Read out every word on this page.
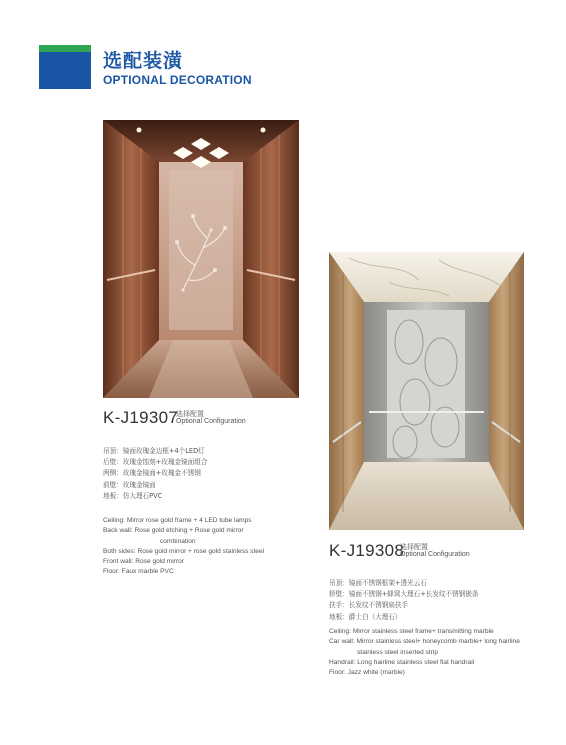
选配装潢
OPTIONAL DECORATION
K-J19307
选择配置
Optional Configuration
吊顶：镜面玫瑰金边框+4个LED灯
后壁：玫瑰金蚀刻+玫瑰金镜面组合
两侧：玫瑰金镜面+玫瑰金不锈钢
前壁：玫瑰金镜面
地板：仿大理石PVC
Ceiling: Mirror rose gold frame + 4 LED tube lamps
Back wall: Rose gold etching + Rose gold mirror
combination
Both sides: Rose gold mirror + rose gold stainless steel
Front wall: Rose gold mirror
Floor: Faux marble PVC
K-J19308
选择配置
Optional Configuration
吊顶：镜面不锈钢框架+透光云石
轿壁：镜面不锈钢+蜂窝大理石+长发纹不锈钢嵌条
扶手：长发纹不锈钢扁扶手
地板：爵士白（大理石）
Ceiling: Mirror stainless steel frame+ transmitting marble
Car wall: Mirror stainless steel+ honeycomb marble+ long hairline
stainless steel inserted strip
Handrail: Long hairline stainless steel flat handrail
Floor: Jazz white (marble)
